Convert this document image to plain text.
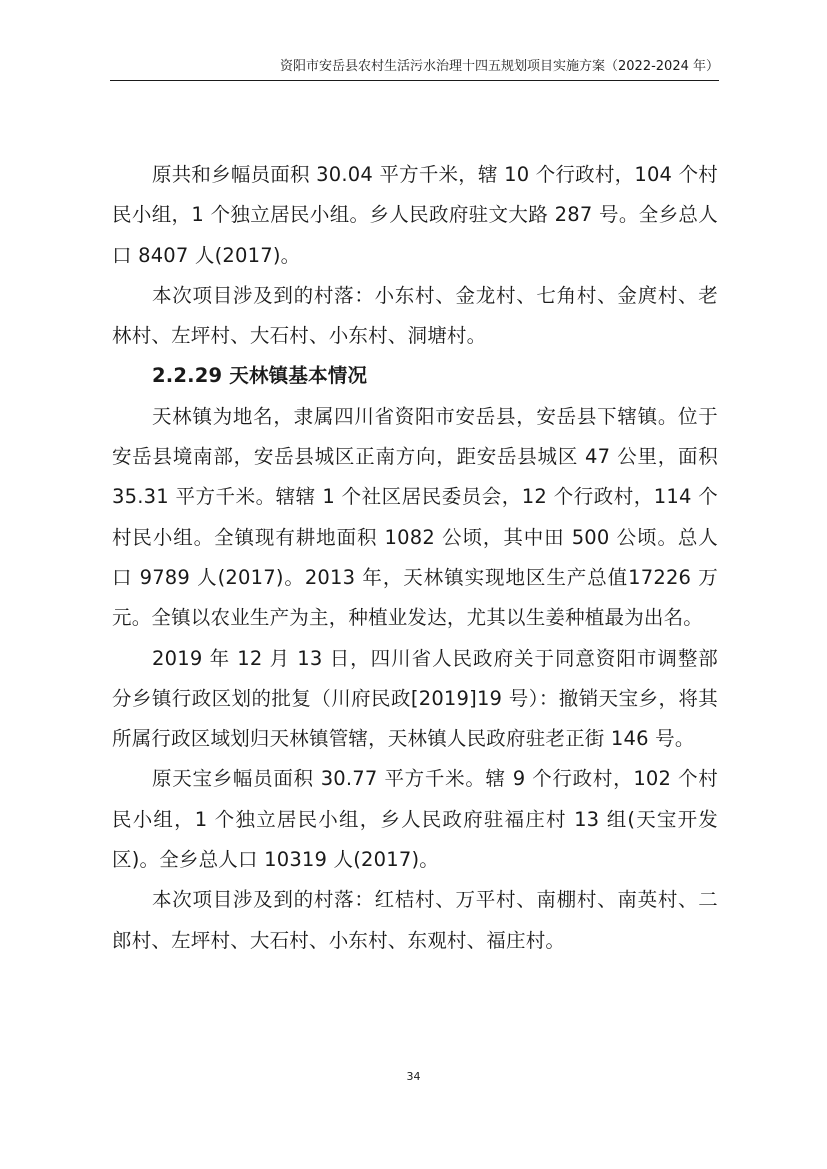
资阳市安岳县农村生活污水治理十四五规划项目实施方案（2022-2024 年）

原共和乡幅员面积 30.04 平方千米，辖 10 个行政村，104 个村民小组，1 个独立居民小组。乡人民政府驻文大路 287 号。全乡总人口 8407 人(2017)。

本次项目涉及到的村落：小东村、金龙村、七角村、金庹村、老林村、左坪村、大石村、小东村、洞塘村。

2.2.29 天林镇基本情况

天林镇为地名，隶属四川省资阳市安岳县，安岳县下辖镇。位于安岳县境南部，安岳县城区正南方向，距安岳县城区 47 公里，面积 35.31 平方千米。辖辖 1 个社区居民委员会，12 个行政村，114 个村民小组。全镇现有耕地面积 1082 公顷，其中田 500 公顷。总人口 9789 人(2017)。2013 年，天林镇实现地区生产总值17226 万元。全镇以农业生产为主，种植业发达，尤其以生姜种植最为出名。

2019 年 12 月 13 日，四川省人民政府关于同意资阳市调整部分乡镇行政区划的批复（川府民政[2019]19 号）：撤销天宝乡，将其所属行政区域划归天林镇管辖，天林镇人民政府驻老正街 146 号。

原天宝乡幅员面积 30.77 平方千米。辖 9 个行政村，102 个村民小组，1 个独立居民小组，乡人民政府驻福庄村 13 组(天宝开发区)。全乡总人口 10319 人(2017)。

本次项目涉及到的村落：红桔村、万平村、南棚村、南英村、二郎村、左坪村、大石村、小东村、东观村、福庄村。

34
